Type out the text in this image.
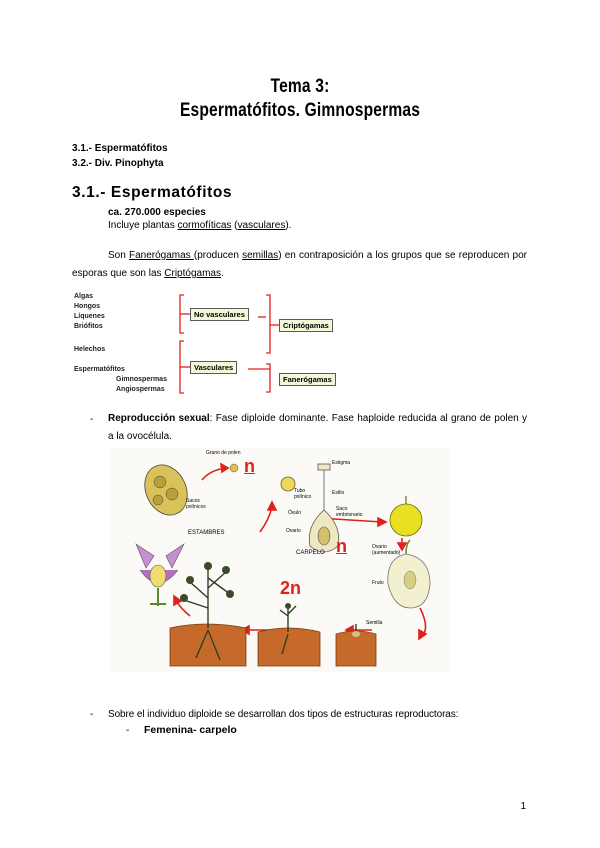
Tema 3:
Espermatófitos. Gimnospermas
3.1.- Espermatófitos
3.2.- Div. Pinophyta
3.1.- Espermatófitos
ca. 270.000 especies
Incluye plantas cormofíticas (vasculares).
Son Fanerógamas (producen semillas) en contraposición a los grupos que se reproducen por esporas que son las Criptógamas.
Algas
Hongos
Líquenes
Briófitos
Helechos
Espermatófitos
Gimnospermas
Angiospermas
No vasculares
Vasculares
Criptógamas
Fanerógamas
- Reproducción sexual: Fase diploide dominante. Fase haploide reducida al grano de polen y a la ovocélula.
Grano de polen
Estigma
Tubo polínico
Estilo
Óvulo
Saco embrionario
Ovario
CARPELO
Sacos polínicos
ESTAMBRES
Ovario (aumentado)
Fruto
Semilla
n
n
2n
- Sobre el individuo diploide se desarrollan dos tipos de estructuras reproductoras:
- Femenina- carpelo
1
